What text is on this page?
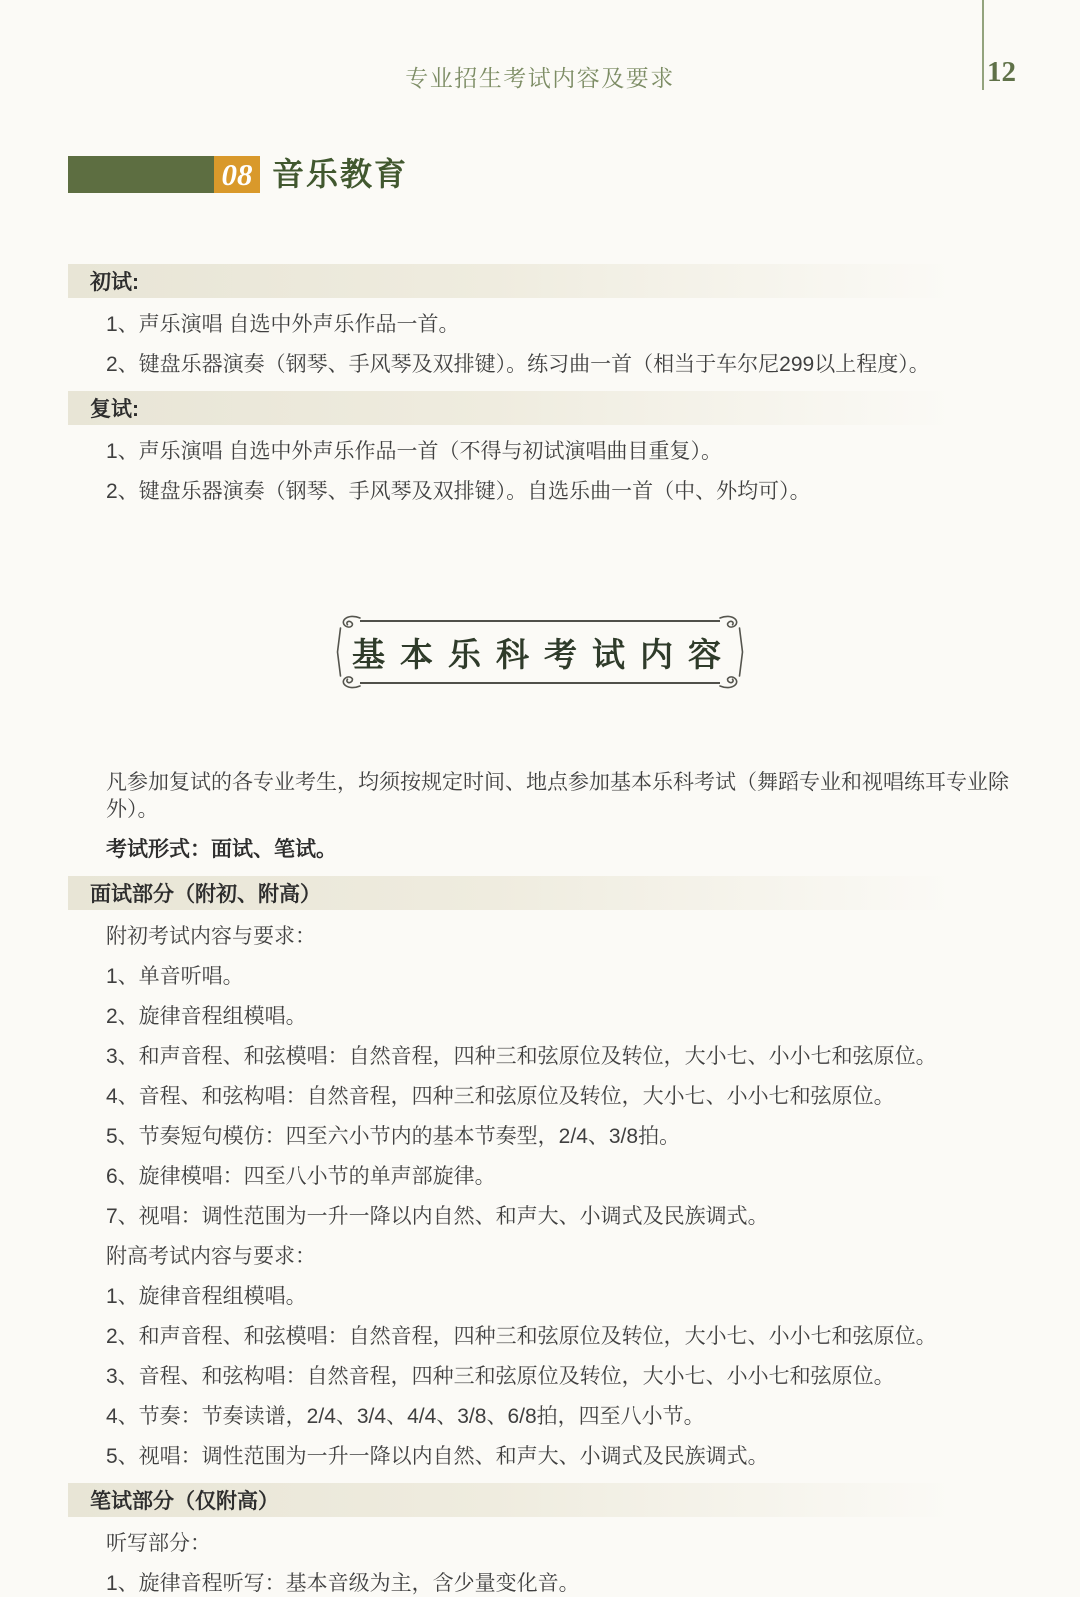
专业招生考试内容及要求	12
08 音乐教育
初试:
1、声乐演唱 自选中外声乐作品一首。
2、键盘乐器演奏（钢琴、手风琴及双排键）。练习曲一首（相当于车尔尼299以上程度）。
复试:
1、声乐演唱 自选中外声乐作品一首（不得与初试演唱曲目重复）。
2、键盘乐器演奏（钢琴、手风琴及双排键）。自选乐曲一首（中、外均可）。
基本乐科考试内容
凡参加复试的各专业考生，均须按规定时间、地点参加基本乐科考试（舞蹈专业和视唱练耳专业除外）。
考试形式：面试、笔试。
面试部分（附初、附高）
附初考试内容与要求：
1、单音听唱。
2、旋律音程组模唱。
3、和声音程、和弦模唱：自然音程，四种三和弦原位及转位，大小七、小小七和弦原位。
4、音程、和弦构唱：自然音程，四种三和弦原位及转位，大小七、小小七和弦原位。
5、节奏短句模仿：四至六小节内的基本节奏型，2/4、3/8拍。
6、旋律模唱：四至八小节的单声部旋律。
7、视唱：调性范围为一升一降以内自然、和声大、小调式及民族调式。
附高考试内容与要求：
1、旋律音程组模唱。
2、和声音程、和弦模唱：自然音程，四种三和弦原位及转位，大小七、小小七和弦原位。
3、音程、和弦构唱：自然音程，四种三和弦原位及转位，大小七、小小七和弦原位。
4、节奏：节奏读谱，2/4、3/4、4/4、3/8、6/8拍，四至八小节。
5、视唱：调性范围为一升一降以内自然、和声大、小调式及民族调式。
笔试部分（仅附高）
听写部分：
1、旋律音程听写：基本音级为主，含少量变化音。
